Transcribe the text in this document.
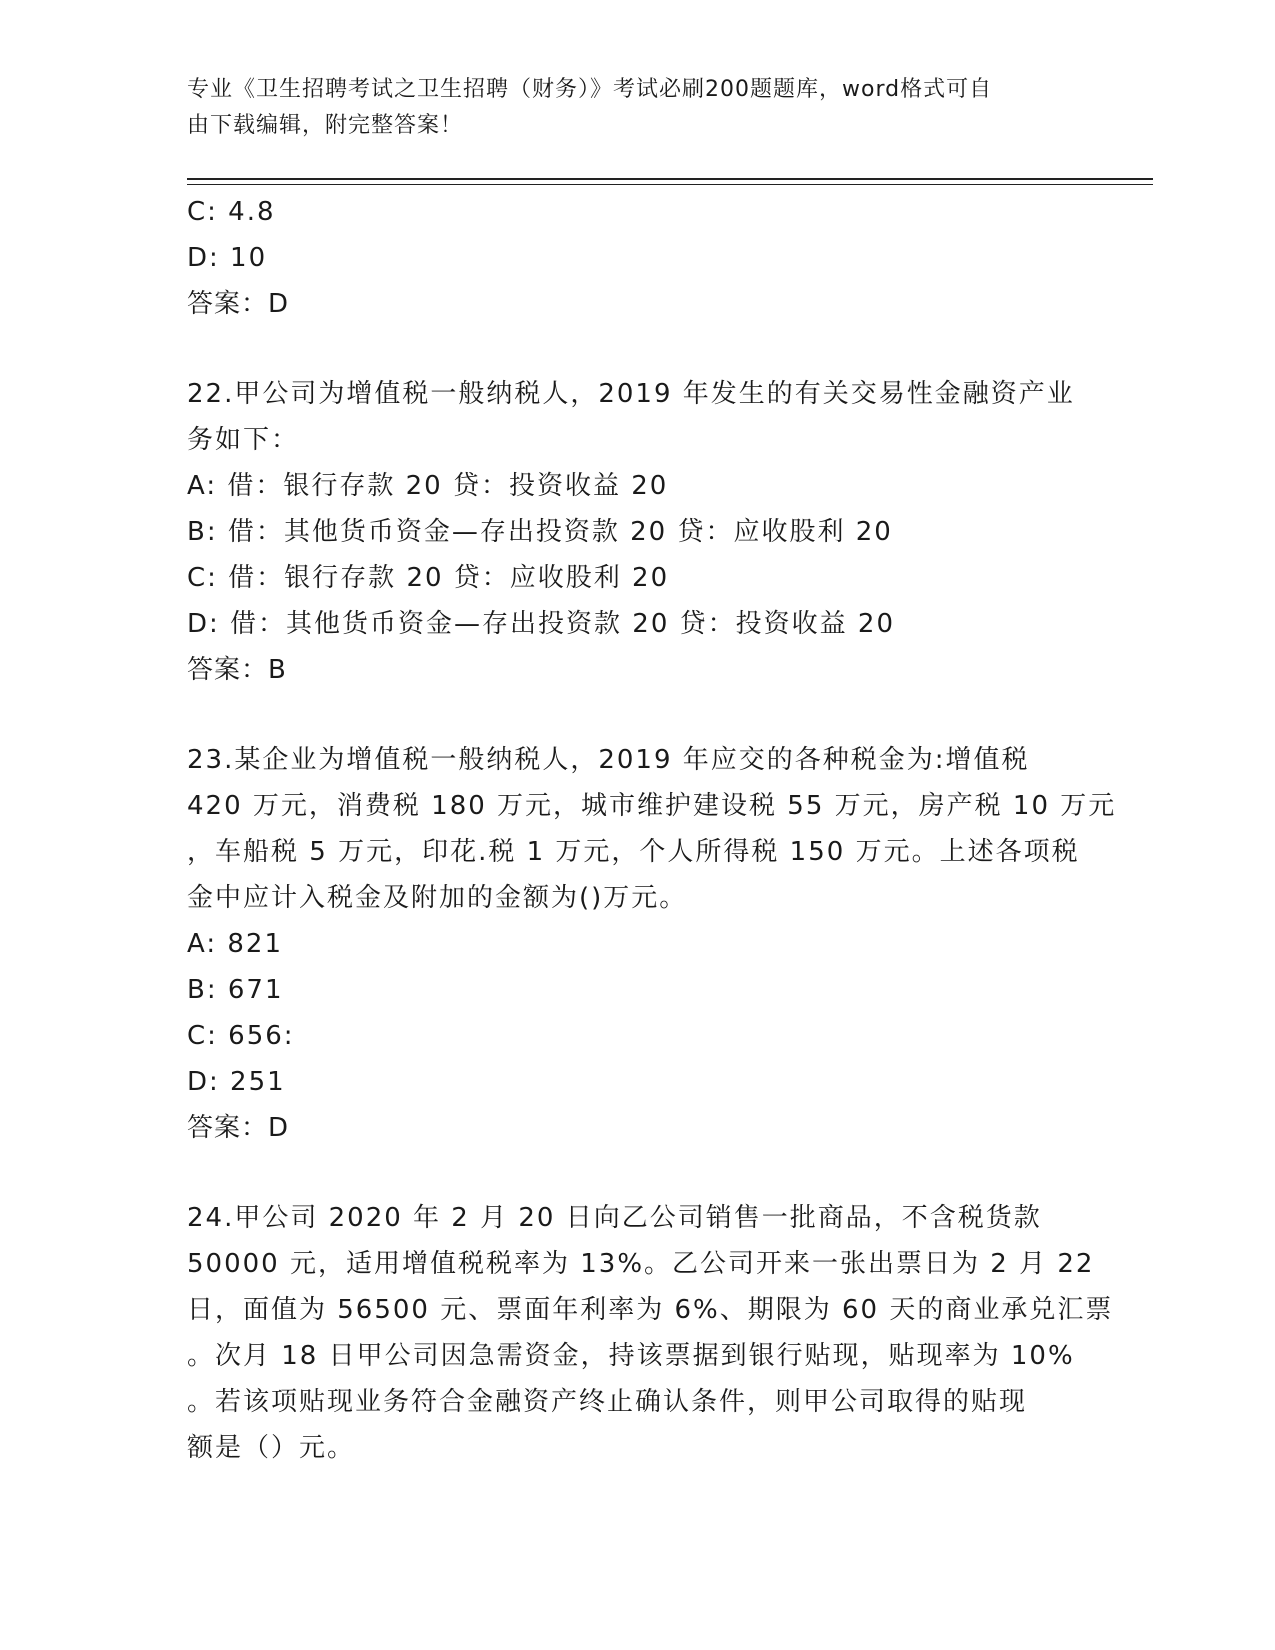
专业《卫生招聘考试之卫生招聘（财务）》考试必刷200题题库，word格式可自
由下载编辑，附完整答案！
C: 4.8
D: 10
答案：D
22.甲公司为增值税一般纳税人，2019 年发生的有关交易性金融资产业
务如下：
A: 借：银行存款 20 贷：投资收益 20
B: 借：其他货币资金—存出投资款 20 贷：应收股利 20
C: 借：银行存款 20 贷：应收股利 20
D: 借：其他货币资金—存出投资款 20 贷：投资收益 20
答案：B
23.某企业为增值税一般纳税人，2019 年应交的各种税金为:增值税
420 万元，消费税 180 万元，城市维护建设税 55 万元，房产税 10 万元
，车船税 5 万元，印花.税 1 万元，个人所得税 150 万元。上述各项税
金中应计入税金及附加的金额为()万元。
A: 821
B: 671
C: 656:
D: 251
答案：D
24.甲公司 2020 年 2 月 20 日向乙公司销售一批商品，不含税货款
50000 元，适用增值税税率为 13%。乙公司开来一张出票日为 2 月 22
日，面值为 56500 元、票面年利率为 6%、期限为 60 天的商业承兑汇票
。次月 18 日甲公司因急需资金，持该票据到银行贴现，贴现率为 10%
。若该项贴现业务符合金融资产终止确认条件，则甲公司取得的贴现
额是（）元。
